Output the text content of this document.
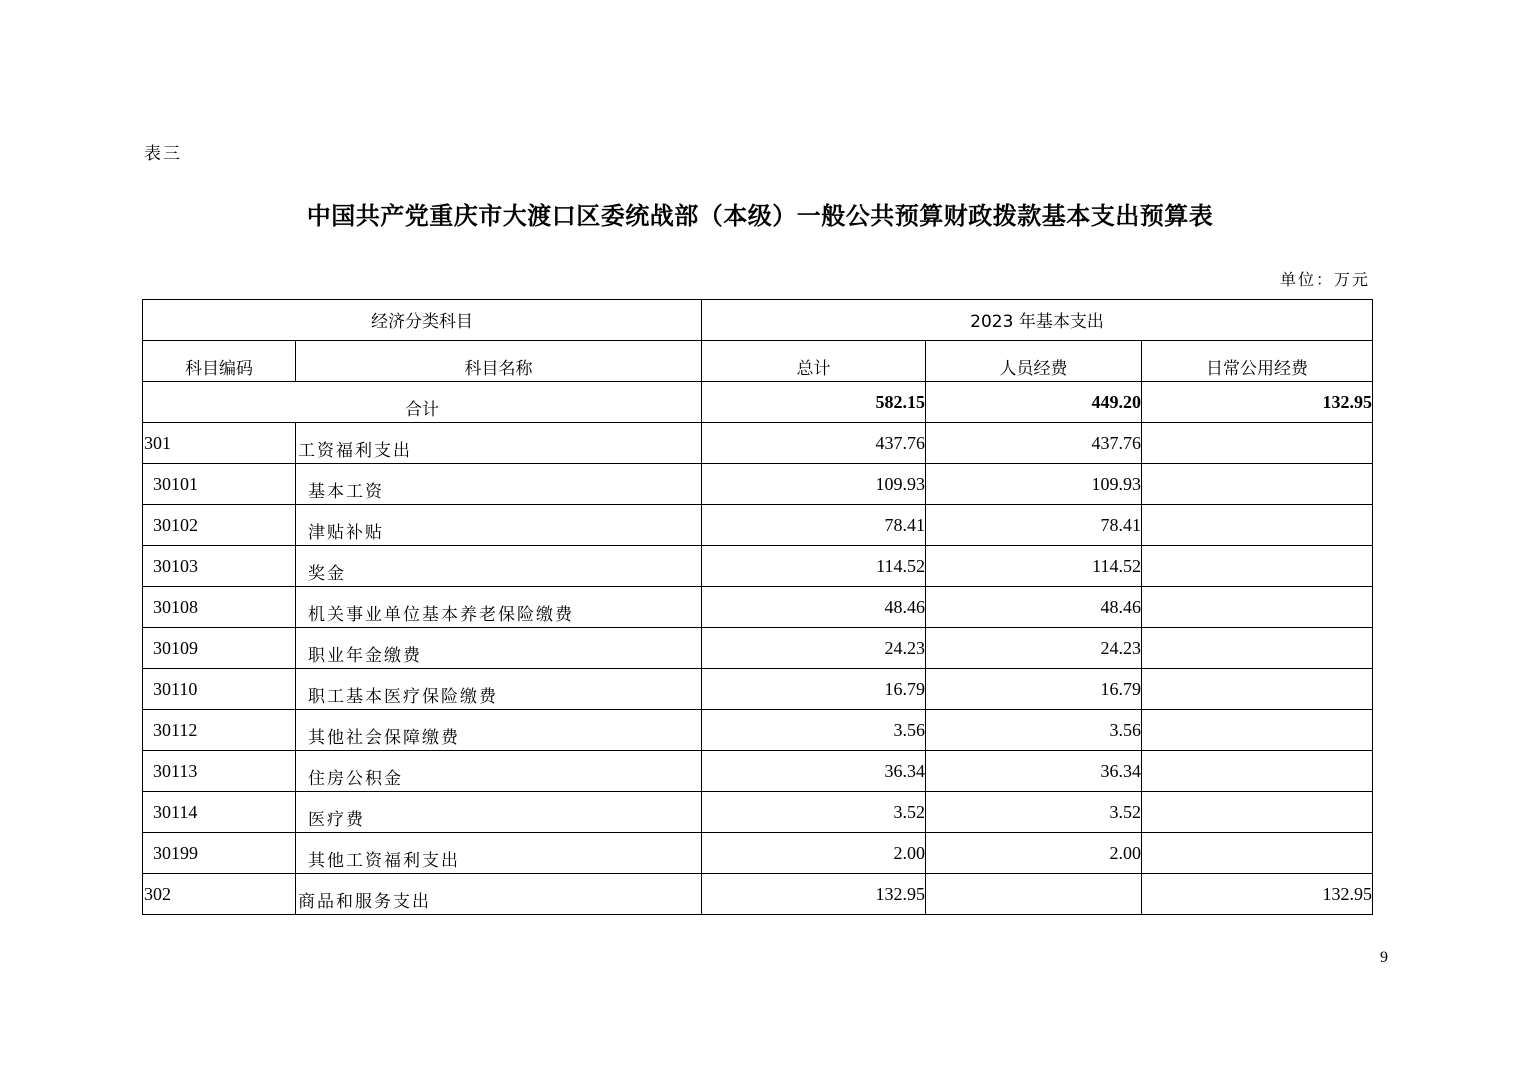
表三
中国共产党重庆市大渡口区委统战部（本级）一般公共预算财政拨款基本支出预算表
单位：万元
经济分类科目		2023 年基本支出		
科目编码	科目名称	总计	人员经费	日常公用经费
合计		582.15	449.20	132.95
301	工资福利支出	437.76	437.76	
30101	基本工资	109.93	109.93	
30102	津贴补贴	78.41	78.41	
30103	奖金	114.52	114.52	
30108	机关事业单位基本养老保险缴费	48.46	48.46	
30109	职业年金缴费	24.23	24.23	
30110	职工基本医疗保险缴费	16.79	16.79	
30112	其他社会保障缴费	3.56	3.56	
30113	住房公积金	36.34	36.34	
30114	医疗费	3.52	3.52	
30199	其他工资福利支出	2.00	2.00	
302	商品和服务支出	132.95		132.95
9
